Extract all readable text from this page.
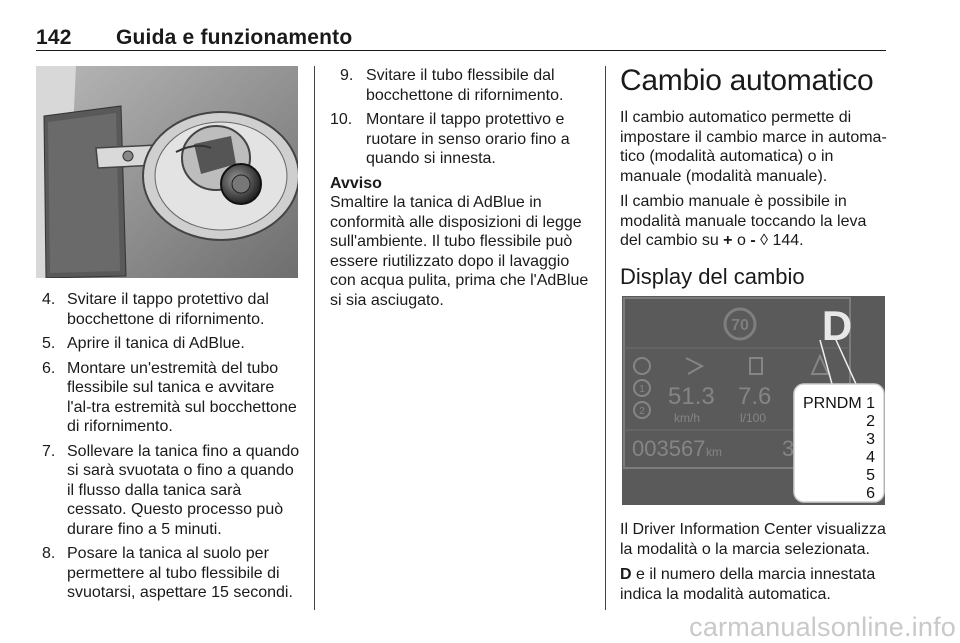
142 Guida e funzionamento
4. Svitare il tappo protettivo dal bocchettone di rifornimento.
5. Aprire il tanica di AdBlue.
6. Montare un'estremità del tubo flessibile sul tanica e avvitare l'al-tra estremità sul bocchettone di rifornimento.
7. Sollevare la tanica fino a quando si sarà svuotata o fino a quando il flusso dalla tanica sarà cessato. Questo processo può durare fino a 5 minuti.
8. Posare la tanica al suolo per permettere al tubo flessibile di svuotarsi, aspettare 15 secondi.
9. Svitare il tubo flessibile dal bocchettone di rifornimento.
10. Montare il tappo protettivo e ruotare in senso orario fino a quando si innesta.
Avviso
Smaltire la tanica di AdBlue in conformità alle disposizioni di legge sull'ambiente. Il tubo flessibile può essere riutilizzato dopo il lavaggio con acqua pulita, prima che l'AdBlue si sia asciugato.
Cambio automatico

Il cambio automatico permette di impostare il cambio marce in automa-tico (modalità automatica) o in manuale (modalità manuale).

Il cambio manuale è possibile in modalità manuale toccando la leva del cambio su + o - ◊ 144.

Display del cambio
70 D
1
2
51.3
km/h
7.6
l/100
003567 km	3
PRNDM 1
2
3
4
5
6

Il Driver Information Center visualizza la modalità o la marcia selezionata.

D e il numero della marcia innestata indica la modalità automatica.

carmanualsonline.info
